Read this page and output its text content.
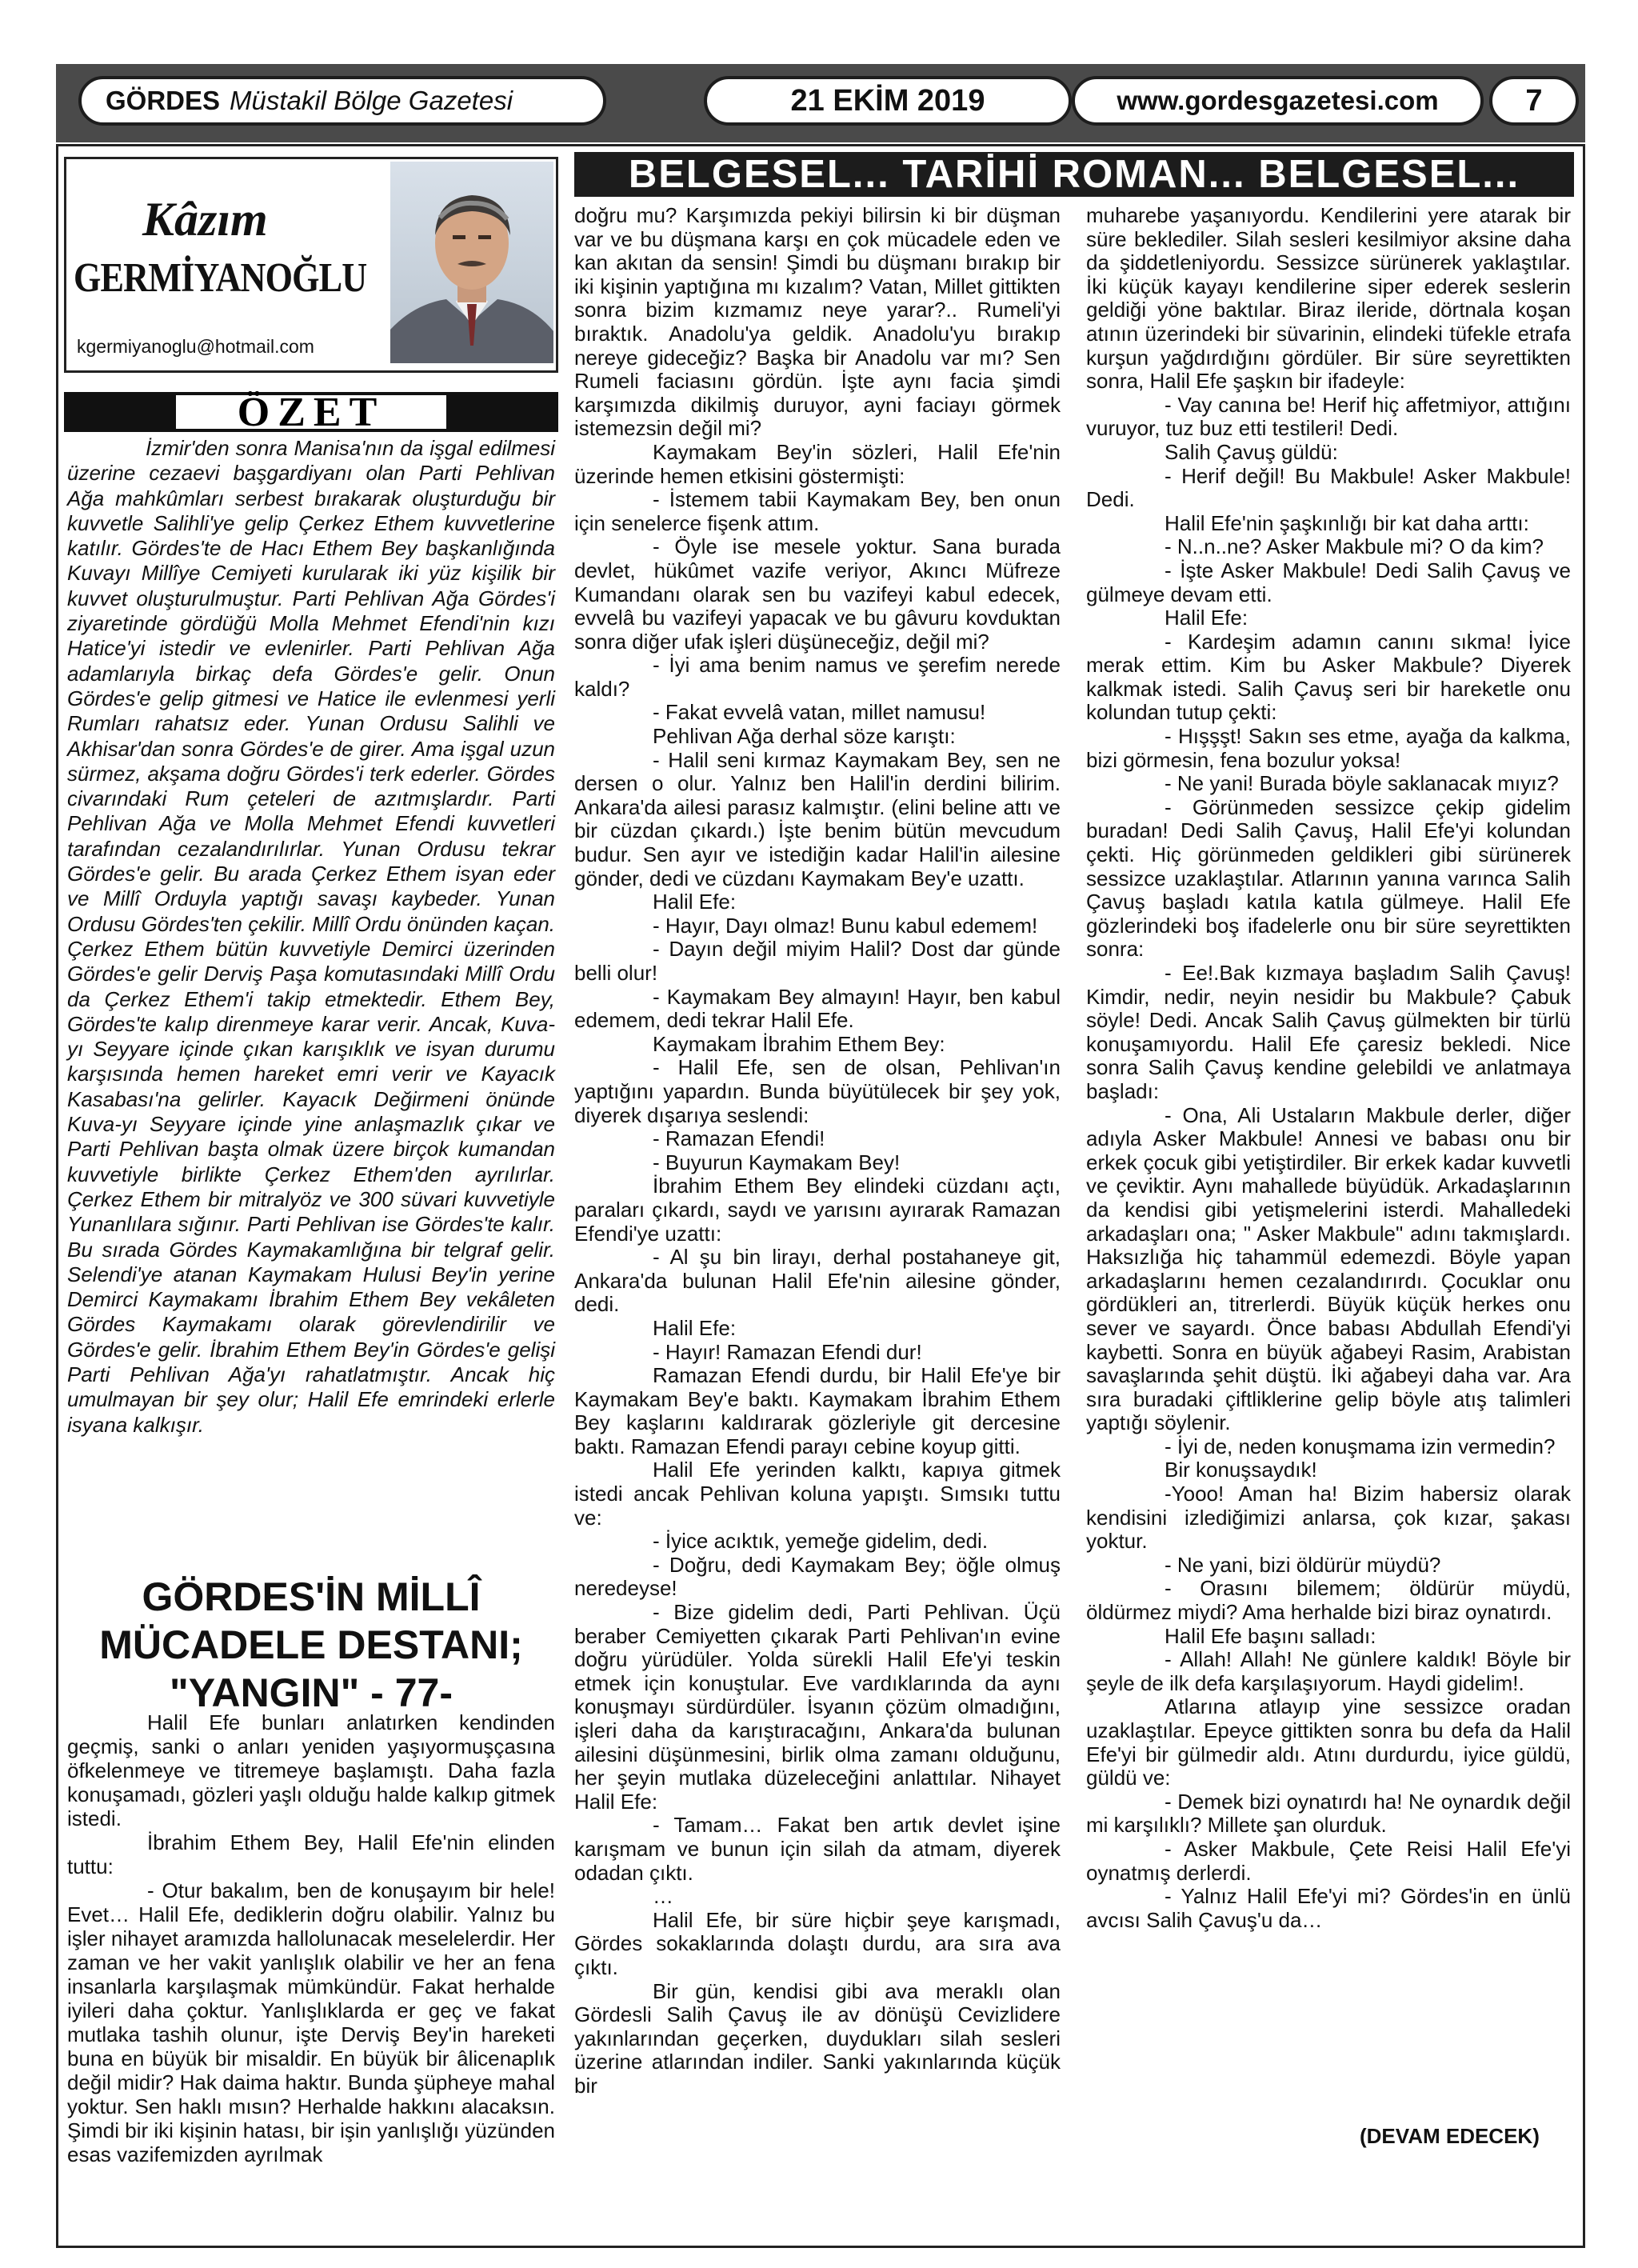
GÖRDES Müstakil Bölge Gazetesi	21 EKİM 2019	www.gordesgazetesi.com	7
Kâzım
GERMİYANOĞLU
kgermiyanoglu@hotmail.com
ÖZET

İzmir'den sonra Manisa'nın da işgal edilmesi üzerine cezaevi başgardiyanı olan Parti Pehlivan Ağa mahkûmları serbest bırakarak oluşturduğu bir kuvvetle Salihli'ye gelip Çerkez Ethem kuvvetlerine katılır. Gördes'te de Hacı Ethem Bey başkanlığında Kuvayı Millîye Cemiyeti kurularak iki yüz kişilik bir kuvvet oluşturulmuştur. Parti Pehlivan Ağa Gördes'i ziyaretinde gördüğü Molla Mehmet Efendi'nin kızı Hatice'yi istedir ve evlenirler. Parti Pehlivan Ağa adamlarıyla birkaç defa Gördes'e gelir. Onun Gördes'e gelip gitmesi ve Hatice ile evlenmesi yerli Rumları rahatsız eder. Yunan Ordusu Salihli ve Akhisar'dan sonra Gördes'e de girer. Ama işgal uzun sürmez, akşama doğru Gördes'i terk ederler. Gördes civarındaki Rum çeteleri de azıtmışlardır. Parti Pehlivan Ağa ve Molla Mehmet Efendi kuvvetleri tarafından cezalandırılırlar. Yunan Ordusu tekrar Gördes'e gelir. Bu arada Çerkez Ethem isyan eder ve Millî Orduyla yaptığı savaşı kaybeder. Yunan Ordusu Gördes'ten çekilir. Millî Ordu önünden kaçan. Çerkez Ethem bütün kuvvetiyle Demirci üzerinden Gördes'e gelir Derviş Paşa komutasındaki Millî Ordu da Çerkez Ethem'i takip etmektedir. Ethem Bey, Gördes'te kalıp direnmeye karar verir. Ancak, Kuva-yı Seyyare içinde çıkan karışıklık ve isyan durumu karşısında hemen hareket emri verir ve Kayacık Kasabası'na gelirler. Kayacık Değirmeni önünde Kuva-yı Seyyare içinde yine anlaşmazlık çıkar ve Parti Pehlivan başta olmak üzere birçok kumandan kuvvetiyle birlikte Çerkez Ethem'den ayrılırlar. Çerkez Ethem bir mitralyöz ve 300 süvari kuvvetiyle Yunanlılara sığınır. Parti Pehlivan ise Gördes'te kalır. Bu sırada Gördes Kaymakamlığına bir telgraf gelir. Selendi'ye atanan Kaymakam Hulusi Bey'in yerine Demirci Kaymakamı İbrahim Ethem Bey vekâleten Gördes Kaymakamı olarak görevlendirilir ve Gördes'e gelir. İbrahim Ethem Bey'in Gördes'e gelişi Parti Pehlivan Ağa'yı rahatlatmıştır. Ancak hiç umulmayan bir şey olur; Halil Efe emrindeki erlerle isyana kalkışır.

GÖRDES'İN MİLLÎ
MÜCADELE DESTANI;
"YANGIN" - 77-

Halil Efe bunları anlatırken kendinden geçmiş, sanki o anları yeniden yaşıyormuşçasına öfkelenmeye ve titremeye başlamıştı. Daha fazla konuşamadı, gözleri yaşlı olduğu halde kalkıp gitmek istedi.

İbrahim Ethem Bey, Halil Efe'nin elinden tuttu:

- Otur bakalım, ben de konuşayım bir hele! Evet… Halil Efe, dediklerin doğru olabilir. Yalnız bu işler nihayet aramızda hallolunacak meselelerdir. Her zaman ve her vakit yanlışlık olabilir ve her an fena insanlarla karşılaşmak mümkündür. Fakat herhalde iyileri daha çoktur. Yanlışlıklarda er geç ve fakat mutlaka tashih olunur, işte Derviş Bey'in hareketi buna en büyük bir misaldir. En büyük bir âlicenaplık değil midir? Hak daima haktır. Bunda şüpheye mahal yoktur. Sen haklı mısın? Herhalde hakkını alacaksın. Şimdi bir iki kişinin hatası, bir işin yanlışlığı yüzünden esas vazifemizden ayrılmak

BELGESEL... TARİHİ ROMAN... BELGESEL...

doğru mu? Karşımızda pekiyi bilirsin ki bir düşman var ve bu düşmana karşı en çok mücadele eden ve kan akıtan da sensin! Şimdi bu düşmanı bırakıp bir iki kişinin yaptığına mı kızalım? Vatan, Millet gittikten sonra bizim kızmamız neye yarar?.. Rumeli'yi bıraktık. Anadolu'ya geldik. Anadolu'yu bırakıp nereye gideceğiz? Başka bir Anadolu var mı? Sen Rumeli faciasını gördün. İşte aynı facia şimdi karşımızda dikilmiş duruyor, ayni faciayı görmek istemezsin değil mi?

Kaymakam Bey'in sözleri, Halil Efe'nin üzerinde hemen etkisini göstermişti:

- İstemem tabii Kaymakam Bey, ben onun için senelerce fişenk attım.

- Öyle ise mesele yoktur. Sana burada devlet, hükûmet vazife veriyor, Akıncı Müfreze Kumandanı olarak sen bu vazifeyi kabul edecek, evvelâ bu vazifeyi yapacak ve bu gâvuru kovduktan sonra diğer ufak işleri düşüneceğiz, değil mi?

- İyi ama benim namus ve şerefim nerede kaldı?

- Fakat evvelâ vatan, millet namusu!

Pehlivan Ağa derhal söze karıştı:

- Halil seni kırmaz Kaymakam Bey, sen ne dersen o olur. Yalnız ben Halil'in derdini bilirim. Ankara'da ailesi parasız kalmıştır. (elini beline attı ve bir cüzdan çıkardı.) İşte benim bütün mevcudum budur. Sen ayır ve istediğin kadar Halil'in ailesine gönder, dedi ve cüzdanı Kaymakam Bey'e uzattı.

Halil Efe:

- Hayır, Dayı olmaz! Bunu kabul edemem!

- Dayın değil miyim Halil? Dost dar günde belli olur!

- Kaymakam Bey almayın! Hayır, ben kabul edemem, dedi tekrar Halil Efe.

Kaymakam İbrahim Ethem Bey:

- Halil Efe, sen de olsan, Pehlivan'ın yaptığını yapardın. Bunda büyütülecek bir şey yok, diyerek dışarıya seslendi:

- Ramazan Efendi!

- Buyurun Kaymakam Bey!

İbrahim Ethem Bey elindeki cüzdanı açtı, paraları çıkardı, saydı ve yarısını ayırarak Ramazan Efendi'ye uzattı:

- Al şu bin lirayı, derhal postahaneye git, Ankara'da bulunan Halil Efe'nin ailesine gönder, dedi.

Halil Efe:

- Hayır! Ramazan Efendi dur!

Ramazan Efendi durdu, bir Halil Efe'ye bir Kaymakam Bey'e baktı. Kaymakam İbrahim Ethem Bey kaşlarını kaldırarak gözleriyle git dercesine baktı. Ramazan Efendi parayı cebine koyup gitti.

Halil Efe yerinden kalktı, kapıya gitmek istedi ancak Pehlivan koluna yapıştı. Sımsıkı tuttu ve:

- İyice acıktık, yemeğe gidelim, dedi.

- Doğru, dedi Kaymakam Bey; öğle olmuş neredeyse!

- Bize gidelim dedi, Parti Pehlivan. Üçü beraber Cemiyetten çıkarak Parti Pehlivan'ın evine doğru yürüdüler. Yolda sürekli Halil Efe'yi teskin etmek için konuştular. Eve vardıklarında da aynı konuşmayı sürdürdüler. İsyanın çözüm olmadığını, işleri daha da karıştıracağını, Ankara'da bulunan ailesini düşünmesini, birlik olma zamanı olduğunu, her şeyin mutlaka düzeleceğini anlattılar. Nihayet Halil Efe:

- Tamam… Fakat ben artık devlet işine karışmam ve bunun için silah da atmam, diyerek odadan çıktı.

…

Halil Efe, bir süre hiçbir şeye karışmadı, Gördes sokaklarında dolaştı durdu, ara sıra ava çıktı.

Bir gün, kendisi gibi ava meraklı olan Gördesli Salih Çavuş ile av dönüşü Cevizlidere yakınlarından geçerken, duydukları silah sesleri üzerine atlarından indiler. Sanki yakınlarında küçük bir

muharebe yaşanıyordu. Kendilerini yere atarak bir süre beklediler. Silah sesleri kesilmiyor aksine daha da şiddetleniyordu. Sessizce sürünerek yaklaştılar. İki küçük kayayı kendilerine siper ederek seslerin geldiği yöne baktılar. Biraz ileride, dörtnala koşan atının üzerindeki bir süvarinin, elindeki tüfekle etrafa kurşun yağdırdığını gördüler. Bir süre seyrettikten sonra, Halil Efe şaşkın bir ifadeyle:

- Vay canına be! Herif hiç affetmiyor, attığını vuruyor, tuz buz etti testileri! Dedi.

Salih Çavuş güldü:

- Herif değil! Bu Makbule! Asker Makbule! Dedi.

Halil Efe'nin şaşkınlığı bir kat daha arttı:

- N..n..ne? Asker Makbule mi? O da kim?

- İşte Asker Makbule! Dedi Salih Çavuş ve gülmeye devam etti.

Halil Efe:

- Kardeşim adamın canını sıkma! İyice merak ettim. Kim bu Asker Makbule? Diyerek kalkmak istedi. Salih Çavuş seri bir hareketle onu kolundan tutup çekti:

- Hışşşt! Sakın ses etme, ayağa da kalkma, bizi görmesin, fena bozulur yoksa!

- Ne yani! Burada böyle saklanacak mıyız?

- Görünmeden sessizce çekip gidelim buradan! Dedi Salih Çavuş, Halil Efe'yi kolundan çekti. Hiç görünmeden geldikleri gibi sürünerek sessizce uzaklaştılar. Atlarının yanına varınca Salih Çavuş başladı katıla katıla gülmeye. Halil Efe gözlerindeki boş ifadelerle onu bir süre seyrettikten sonra:

- Ee!.Bak kızmaya başladım Salih Çavuş! Kimdir, nedir, neyin nesidir bu Makbule? Çabuk söyle! Dedi. Ancak Salih Çavuş gülmekten bir türlü konuşamıyordu. Halil Efe çaresiz bekledi. Nice sonra Salih Çavuş kendine gelebildi ve anlatmaya başladı:

- Ona, Ali Ustaların Makbule derler, diğer adıyla Asker Makbule! Annesi ve babası onu bir erkek çocuk gibi yetiştirdiler. Bir erkek kadar kuvvetli ve çeviktir. Aynı mahallede büyüdük. Arkadaşlarının da kendisi gibi yetişmelerini isterdi. Mahalledeki arkadaşları ona; " Asker Makbule" adını takmışlardı. Haksızlığa hiç tahammül edemezdi. Böyle yapan arkadaşlarını hemen cezalandırırdı. Çocuklar onu gördükleri an, titrerlerdi. Büyük küçük herkes onu sever ve sayardı. Önce babası Abdullah Efendi'yi kaybetti. Sonra en büyük ağabeyi Rasim, Arabistan savaşlarında şehit düştü. İki ağabeyi daha var. Ara sıra buradaki çiftliklerine gelip böyle atış talimleri yaptığı söylenir.

- İyi de, neden konuşmama izin vermedin?

Bir konuşsaydık!

-Yooo! Aman ha! Bizim habersiz olarak kendisini izlediğimizi anlarsa, çok kızar, şakası yoktur.

- Ne yani, bizi öldürür müydü?

- Orasını bilemem; öldürür müydü, öldürmez miydi? Ama herhalde bizi biraz oynatırdı.

Halil Efe başını salladı:

- Allah! Allah! Ne günlere kaldık! Böyle bir şeyle de ilk defa karşılaşıyorum. Haydi gidelim!.

Atlarına atlayıp yine sessizce oradan uzaklaştılar. Epeyce gittikten sonra bu defa da Halil Efe'yi bir gülmedir aldı. Atını durdurdu, iyice güldü, güldü ve:

- Demek bizi oynatırdı ha! Ne oynardık değil mi karşılıklı? Millete şan olurduk.

- Asker Makbule, Çete Reisi Halil Efe'yi oynatmış derlerdi.

- Yalnız Halil Efe'yi mi? Gördes'in en ünlü avcısı Salih Çavuş'u da…

(DEVAM EDECEK)
